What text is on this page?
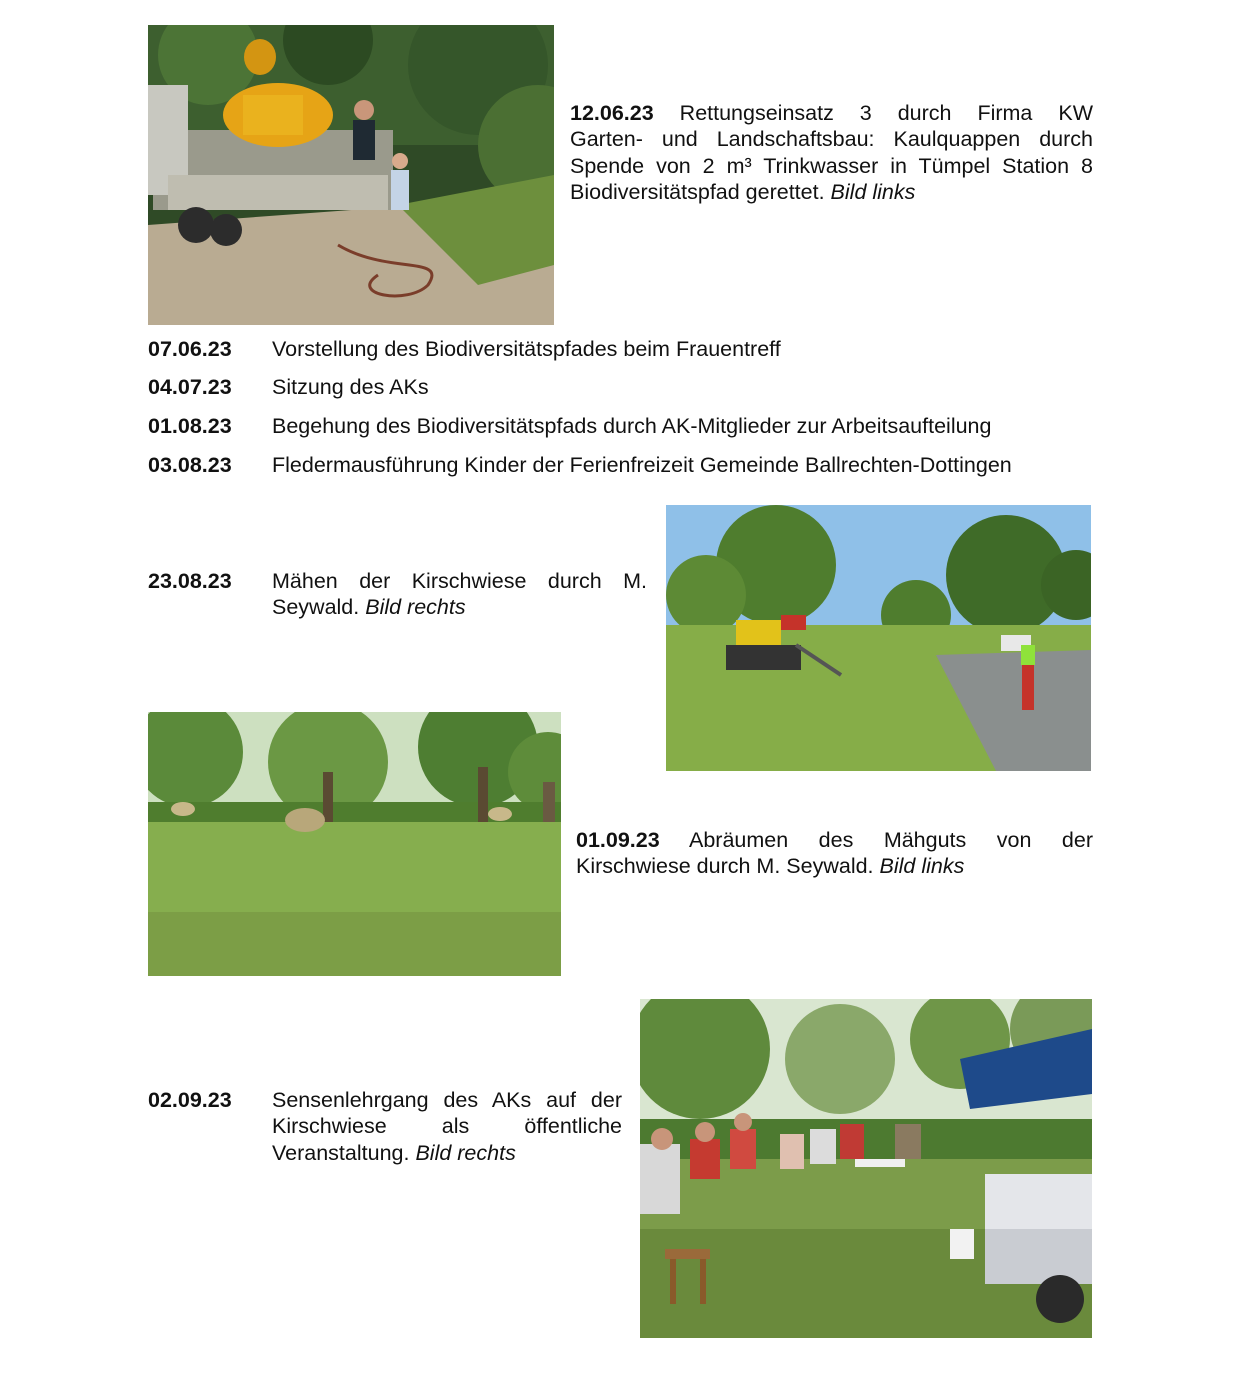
12.06.23 Rettungseinsatz 3 durch Firma KW
Garten- und Landschaftsbau: Kaulquappen durch
Spende von 2 m³ Trinkwasser in Tümpel Station 8
Biodiversitätspfad gerettet. Bild links
07.06.23 Vorstellung des Biodiversitätspfades beim Frauentreff
04.07.23 Sitzung des AKs
01.08.23 Begehung des Biodiversitätspfads durch AK-Mitglieder zur Arbeitsaufteilung
03.08.23 Fledermausführung Kinder der Ferienfreizeit Gemeinde Ballrechten-Dottingen
23.08.23 Mähen der Kirschwiese durch M.
Seywald. Bild rechts
01.09.23 Abräumen des Mähguts von der
Kirschwiese durch M. Seywald. Bild links
02.09.23 Sensenlehrgang des AKs auf der
Kirschwiese als öffentliche
Veranstaltung. Bild rechts
